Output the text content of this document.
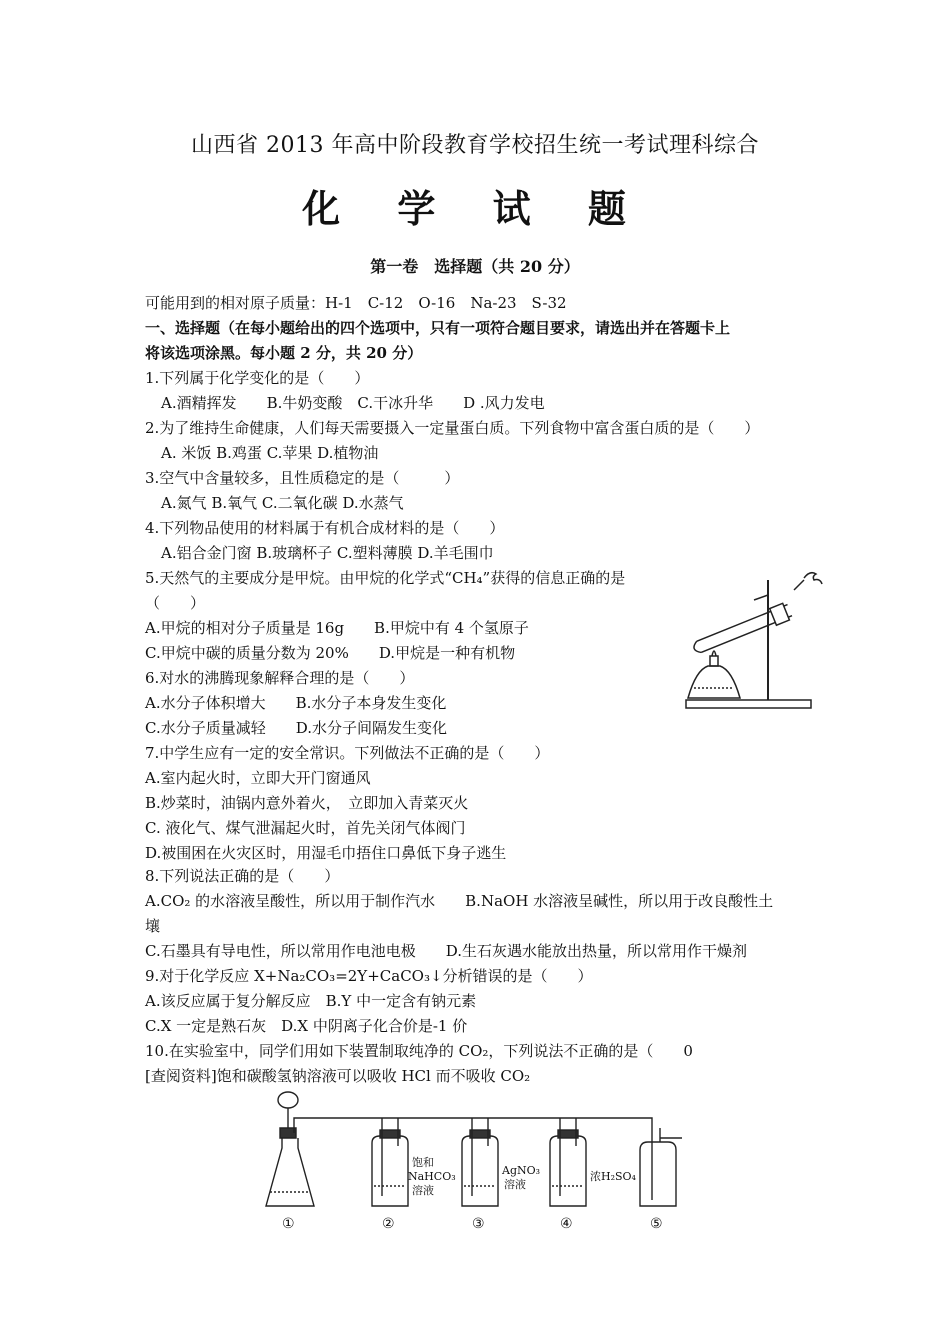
山西省 2013 年高中阶段教育学校招生统一考试理科综合
化 学 试 题
第一卷　选择题（共 20 分）
可能用到的相对原子质量：H-1　C-12　O-16　Na-23　S-32
一、选择题（在每小题给出的四个选项中，只有一项符合题目要求，请选出并在答题卡上
将该选项涂黑。每小题 2 分，共 20 分）
1.下列属于化学变化的是（　　）
A.酒精挥发　　B.牛奶变酸　C.干冰升华　　D .风力发电
2.为了维持生命健康，人们每天需要摄入一定量蛋白质。下列食物中富含蛋白质的是（　　）
A. 米饭 B.鸡蛋 C.苹果 D.植物油
3.空气中含量较多，且性质稳定的是（　　　）
A.氮气 B.氧气 C.二氧化碳 D.水蒸气
4.下列物品使用的材料属于有机合成材料的是（　　）
A.铝合金门窗 B.玻璃杯子 C.塑料薄膜 D.羊毛围巾
5.天然气的主要成分是甲烷。由甲烷的化学式“CH₄”获得的信息正确的是
（　　）
A.甲烷的相对分子质量是 16g　　B.甲烷中有 4 个氢原子
C.甲烷中碳的质量分数为 20%　　D.甲烷是一种有机物
6.对水的沸腾现象解释合理的是（　　）
A.水分子体积增大　　B.水分子本身发生变化
C.水分子质量减轻　　D.水分子间隔发生变化
7.中学生应有一定的安全常识。下列做法不正确的是（　　）
A.室内起火时，立即大开门窗通风
B.炒菜时，油锅内意外着火，　立即加入青菜灭火
C. 液化气、煤气泄漏起火时，首先关闭气体阀门
D.被围困在火灾区时，用湿毛巾捂住口鼻低下身子逃生
8.下列说法正确的是（　　）
A.CO₂ 的水溶液呈酸性，所以用于制作汽水　　B.NaOH 水溶液呈碱性，所以用于改良酸性土
壤
C.石墨具有导电性，所以常用作电池电极　　D.生石灰遇水能放出热量，所以常用作干燥剂
9.对于化学反应 X+Na₂CO₃=2Y+CaCO₃↓分析错误的是（　　）
A.该反应属于复分解反应　B.Y 中一定含有钠元素
C.X 一定是熟石灰　D.X 中阴离子化合价是-1 价
10.在实验室中，同学们用如下装置制取纯净的 CO₂，下列说法不正确的是（　　0
[查阅资料]饱和碳酸氢钠溶液可以吸收 HCl 而不吸收 CO₂
饱和
NaHCO₃
溶液
AgNO₃
溶液
浓H₂SO₄
①	②	③	④	⑤
